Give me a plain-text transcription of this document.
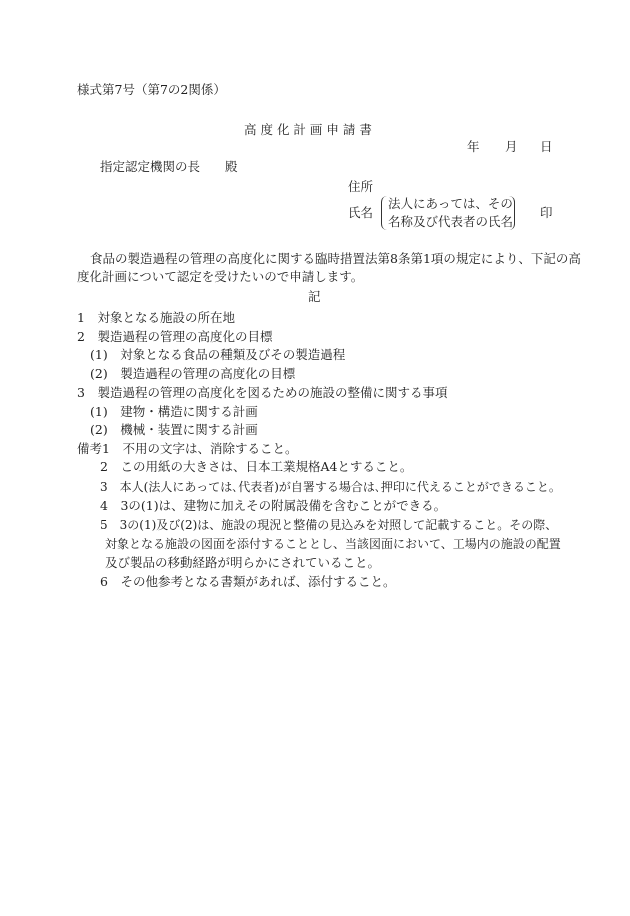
様式第7号（第7の2関係）
高 度 化 計 画 申 請 書
年 月 日
指定認定機関の長　　殿
住所
氏名
法人にあっては、その
名称及び代表者の氏名
印
食品の製造過程の管理の高度化に関する臨時措置法第8条第1項の規定により、下記の高
度化計画について認定を受けたいので申請します。
記
1　対象となる施設の所在地
2　製造過程の管理の高度化の目標
(1)　対象となる食品の種類及びその製造過程
(2)　製造過程の管理の高度化の目標
3　製造過程の管理の高度化を図るための施設の整備に関する事項
(1)　建物・構造に関する計画
(2)　機械・装置に関する計画
備考1　不用の文字は、消除すること。
2　この用紙の大きさは、日本工業規格A4とすること。
3　本人(法人にあっては､代表者)が自署する場合は､押印に代えることができること。
4　3の(1)は、建物に加えその附属設備を含むことができる。
5　3の(1)及び(2)は、施設の現況と整備の見込みを対照して記載すること。その際、
対象となる施設の図面を添付することとし、当該図面において、工場内の施設の配置
及び製品の移動経路が明らかにされていること。
6　その他参考となる書類があれば、添付すること。
